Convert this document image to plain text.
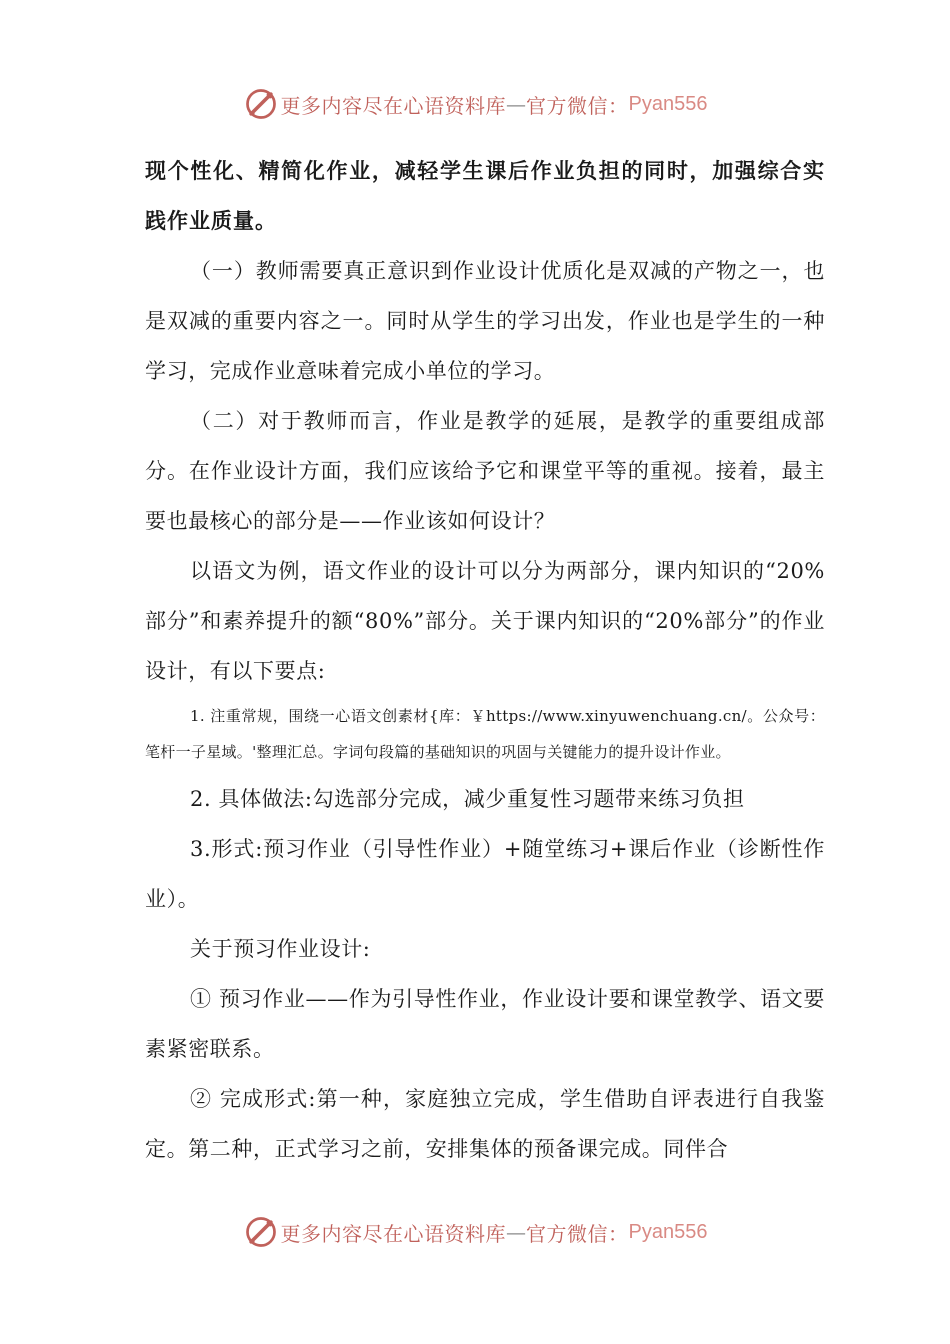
更多内容尽在心语资料库 — 官方微信： Pyan556

现个性化、精简化作业，减轻学生课后作业负担的同时，加强综合实践作业质量。

（一）教师需要真正意识到作业设计优质化是双减的产物之一，也是双减的重要内容之一。同时从学生的学习出发，作业也是学生的一种学习，完成作业意味着完成小单位的学习。

（二）对于教师而言，作业是教学的延展，是教学的重要组成部分。在作业设计方面，我们应该给予它和课堂平等的重视。接着，最主要也最核心的部分是——作业该如何设计？

以语文为例，语文作业的设计可以分为两部分，课内知识的“20%部分”和素养提升的额“80%”部分。关于课内知识的“20%部分”的作业设计，有以下要点:

1. 注重常规，围绕一心语文创素材{库：￥https://www.xinyuwenchuang.cn/。公众号：笔杆一子星域。'整理汇总。字词句段篇的基础知识的巩固与关键能力的提升设计作业。

2. 具体做法:勾选部分完成，减少重复性习题带来练习负担

3.形式:预习作业（引导性作业）+随堂练习+课后作业（诊断性作业）。

关于预习作业设计:

① 预习作业——作为引导性作业，作业设计要和课堂教学、语文要素紧密联系。

② 完成形式:第一种，家庭独立完成，学生借助自评表进行自我鉴定。第二种，正式学习之前，安排集体的预备课完成。同伴合

更多内容尽在心语资料库 — 官方微信： Pyan556
